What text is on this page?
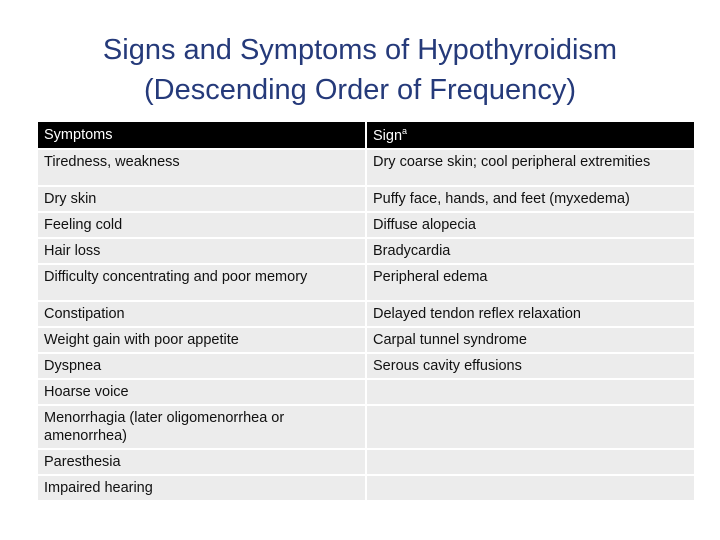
Signs and Symptoms of Hypothyroidism
(Descending Order of Frequency)
Symptoms	Sign$^a$
Tiredness, weakness	Dry coarse skin; cool peripheral extremities
Dry skin	Puffy face, hands, and feet (myxedema)
Feeling cold	Diffuse alopecia
Hair loss	Bradycardia
Difficulty concentrating and poor memory	Peripheral edema
Constipation	Delayed tendon reflex relaxation
Weight gain with poor appetite	Carpal tunnel syndrome
Dyspnea	Serous cavity effusions
Hoarse voice	
Menorrhagia (later oligomenorrhea or amenorrhea)	
Paresthesia	
Impaired hearing	
